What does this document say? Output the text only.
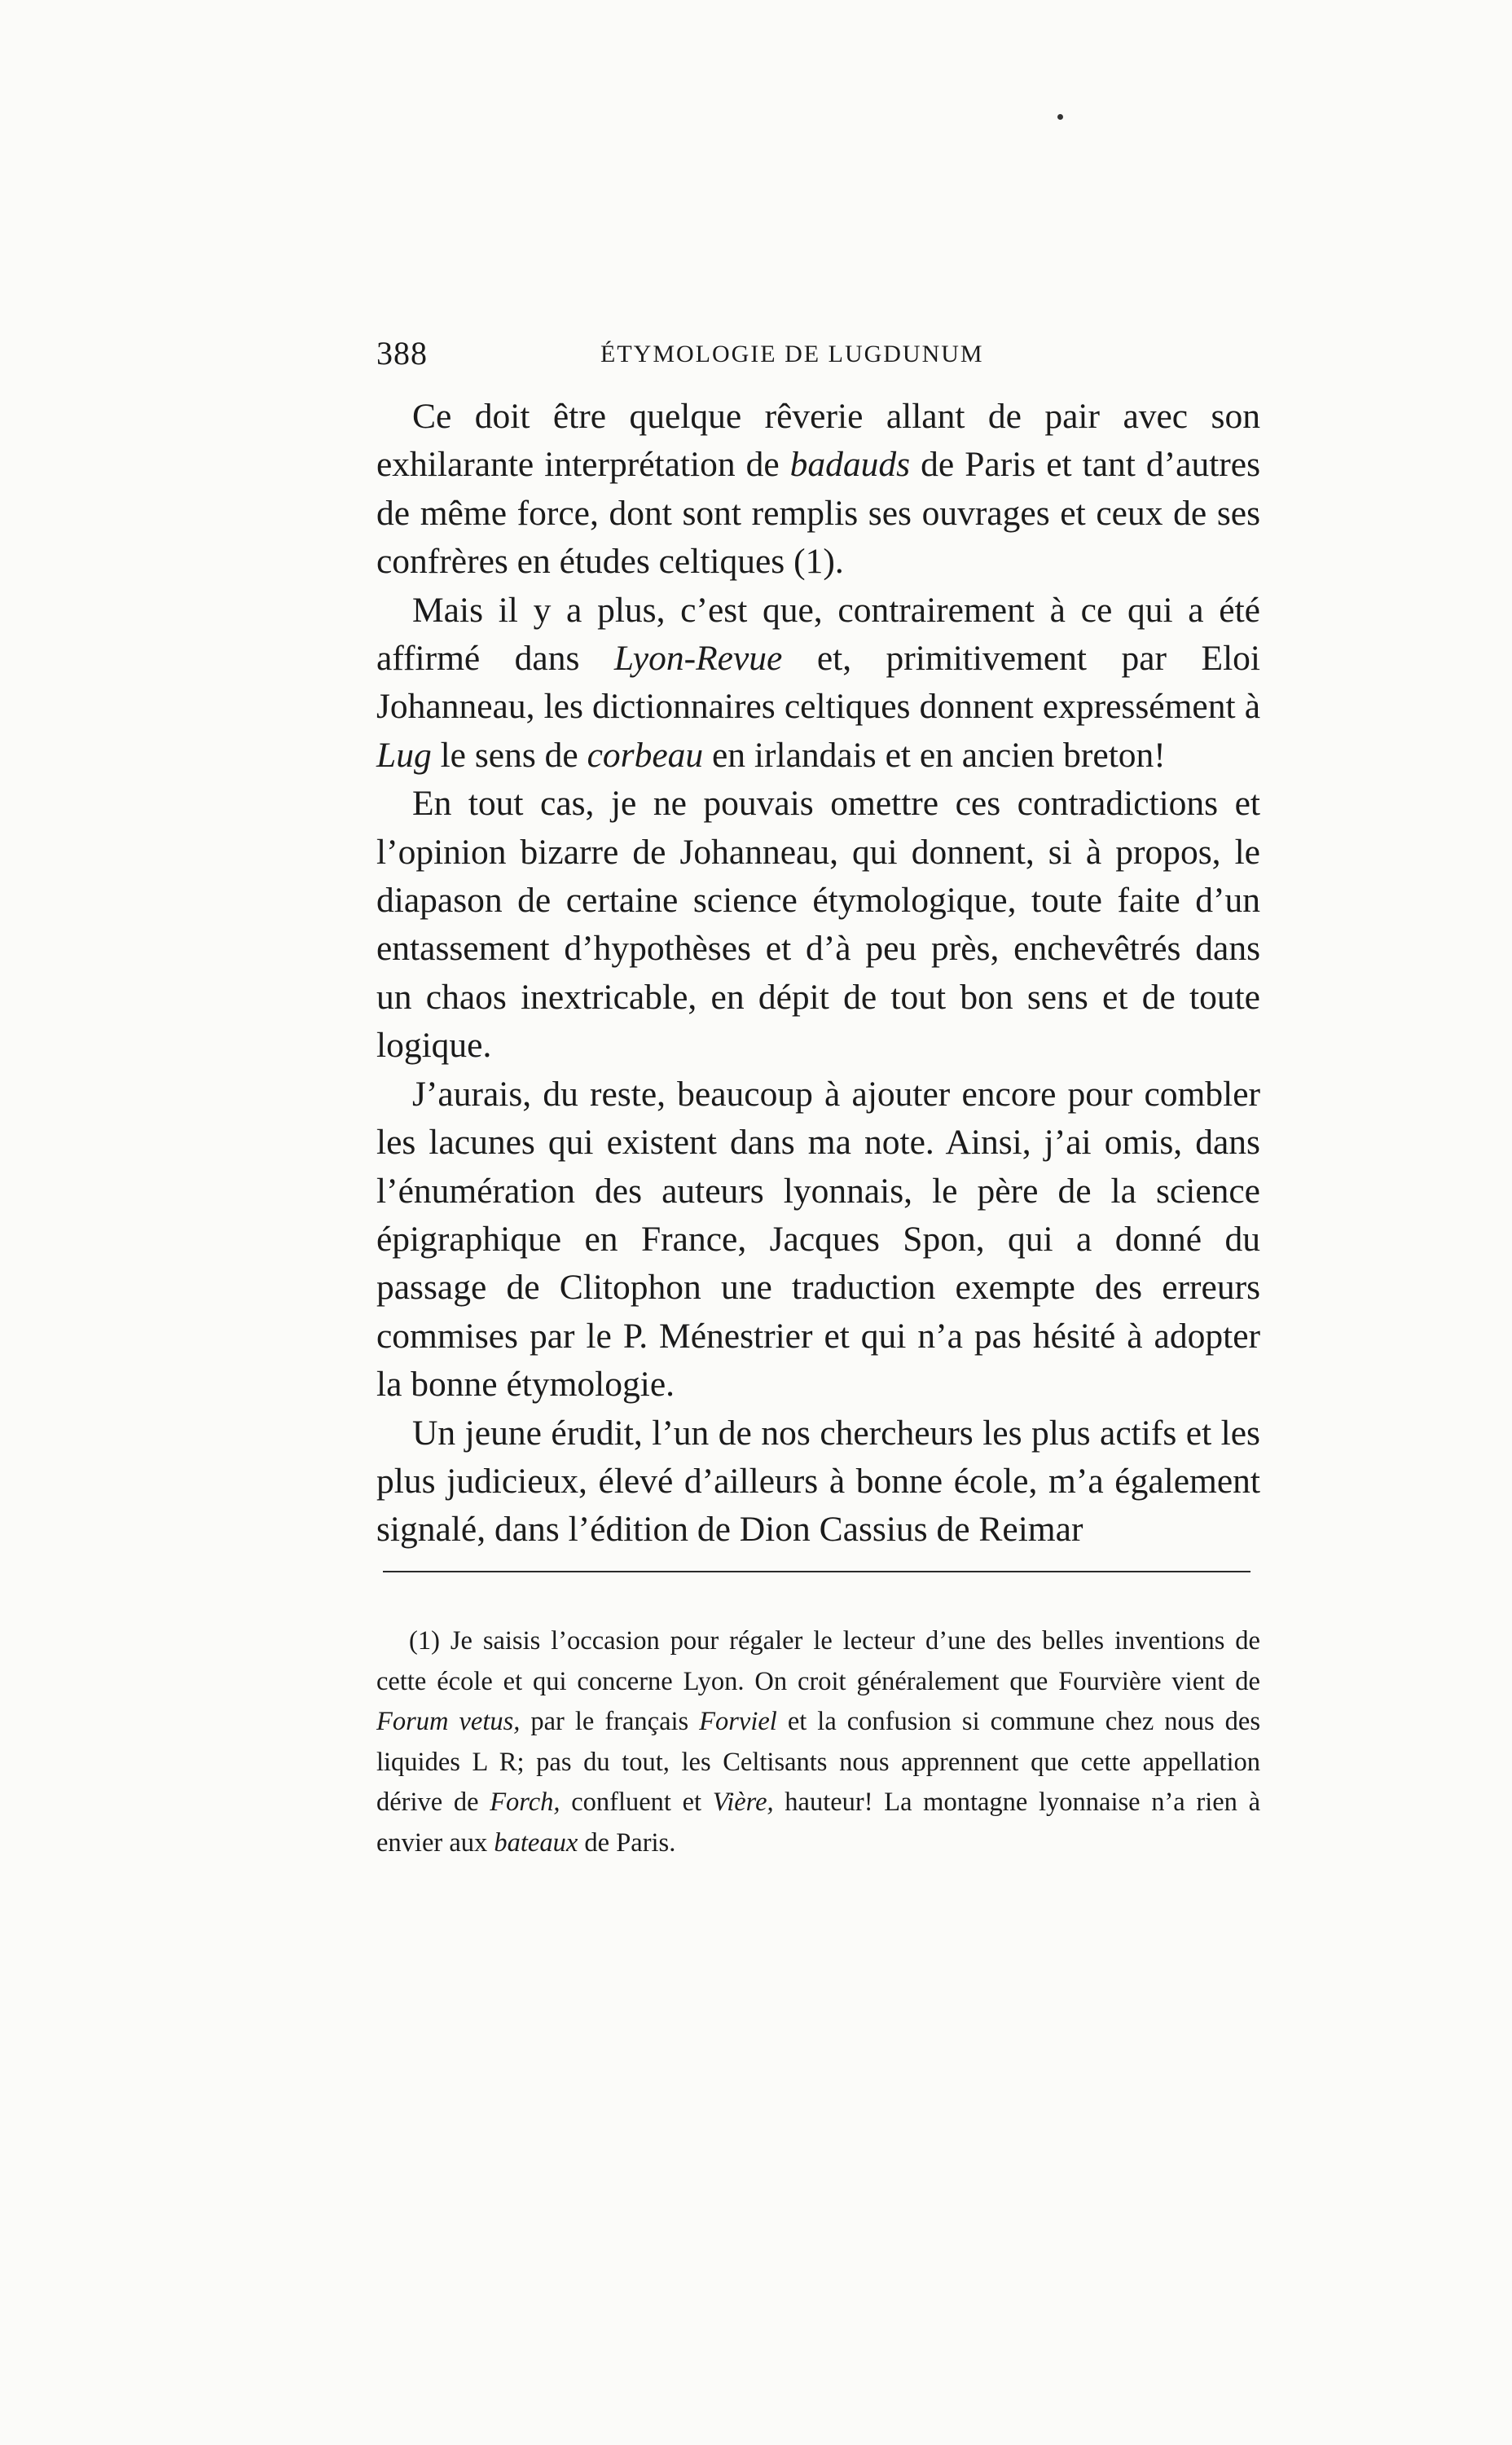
388	ÉTYMOLOGIE DE LUGDUNUM

Ce doit être quelque rêverie allant de pair avec son exhilarante interprétation de badauds de Paris et tant d’autres de même force, dont sont remplis ses ouvrages et ceux de ses confrères en études celtiques (1).

Mais il y a plus, c’est que, contrairement à ce qui a été affirmé dans Lyon-Revue et, primitivement par Eloi Johanneau, les dictionnaires celtiques donnent expressément à Lug le sens de corbeau en irlandais et en ancien breton!

En tout cas, je ne pouvais omettre ces contradictions et l’opinion bizarre de Johanneau, qui donnent, si à propos, le diapason de certaine science étymologique, toute faite d’un entassement d’hypothèses et d’à peu près, enchevêtrés dans un chaos inextricable, en dépit de tout bon sens et de toute logique.

J’aurais, du reste, beaucoup à ajouter encore pour combler les lacunes qui existent dans ma note. Ainsi, j’ai omis, dans l’énumération des auteurs lyonnais, le père de la science épigraphique en France, Jacques Spon, qui a donné du passage de Clitophon une traduction exempte des erreurs commises par le P. Ménestrier et qui n’a pas hésité à adopter la bonne étymologie.

Un jeune érudit, l’un de nos chercheurs les plus actifs et les plus judicieux, élevé d’ailleurs à bonne école, m’a également signalé, dans l’édition de Dion Cassius de Reimar

(1) Je saisis l’occasion pour régaler le lecteur d’une des belles inventions de cette école et qui concerne Lyon. On croit généralement que Fourvière vient de Forum vetus, par le français Forviel et la confusion si commune chez nous des liquides L R; pas du tout, les Celtisants nous apprennent que cette appellation dérive de Forch, confluent et Vière, hauteur! La montagne lyonnaise n’a rien à envier aux bateaux de Paris.
